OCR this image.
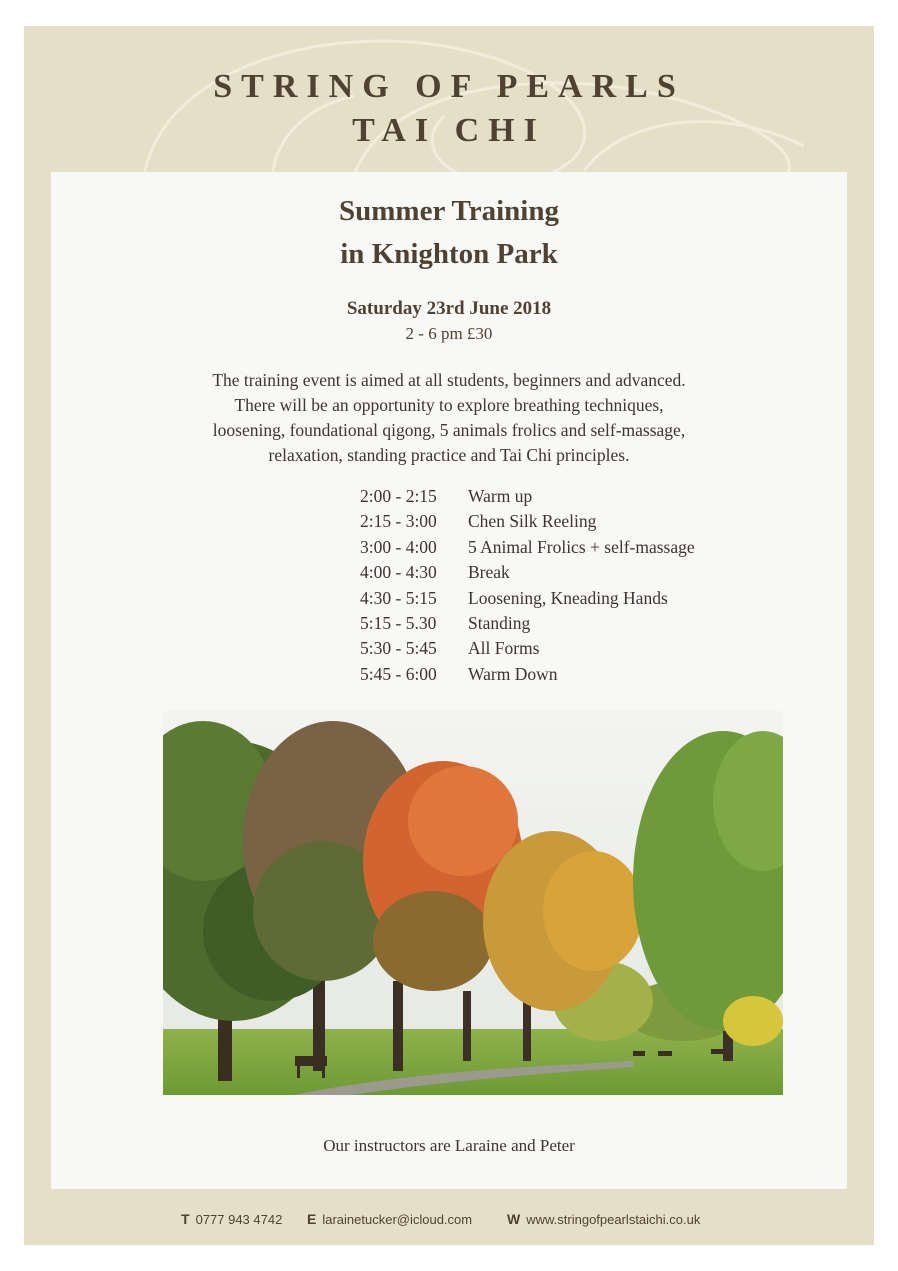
STRING OF PEARLS
TAI CHI
Summer Training
in Knighton Park
Saturday 23rd June 2018
2 - 6 pm £30
The training event is aimed at all students, beginners and advanced.
There will be an opportunity to explore breathing techniques,
loosening, foundational qigong, 5 animals frolics and self-massage,
relaxation, standing practice and Tai Chi principles.
2:00 - 2:15 Warm up
2:15 - 3:00 Chen Silk Reeling
3:00 - 4:00 5 Animal Frolics + self-massage
4:00 - 4:30 Break
4:30 - 5:15 Loosening, Kneading Hands
5:15 - 5.30 Standing
5:30 - 5:45 All Forms
5:45 - 6:00 Warm Down
Our instructors are Laraine and Peter
T 0777 943 4742 E larainetucker@icloud.com W www.stringofpearlstaichi.co.uk
